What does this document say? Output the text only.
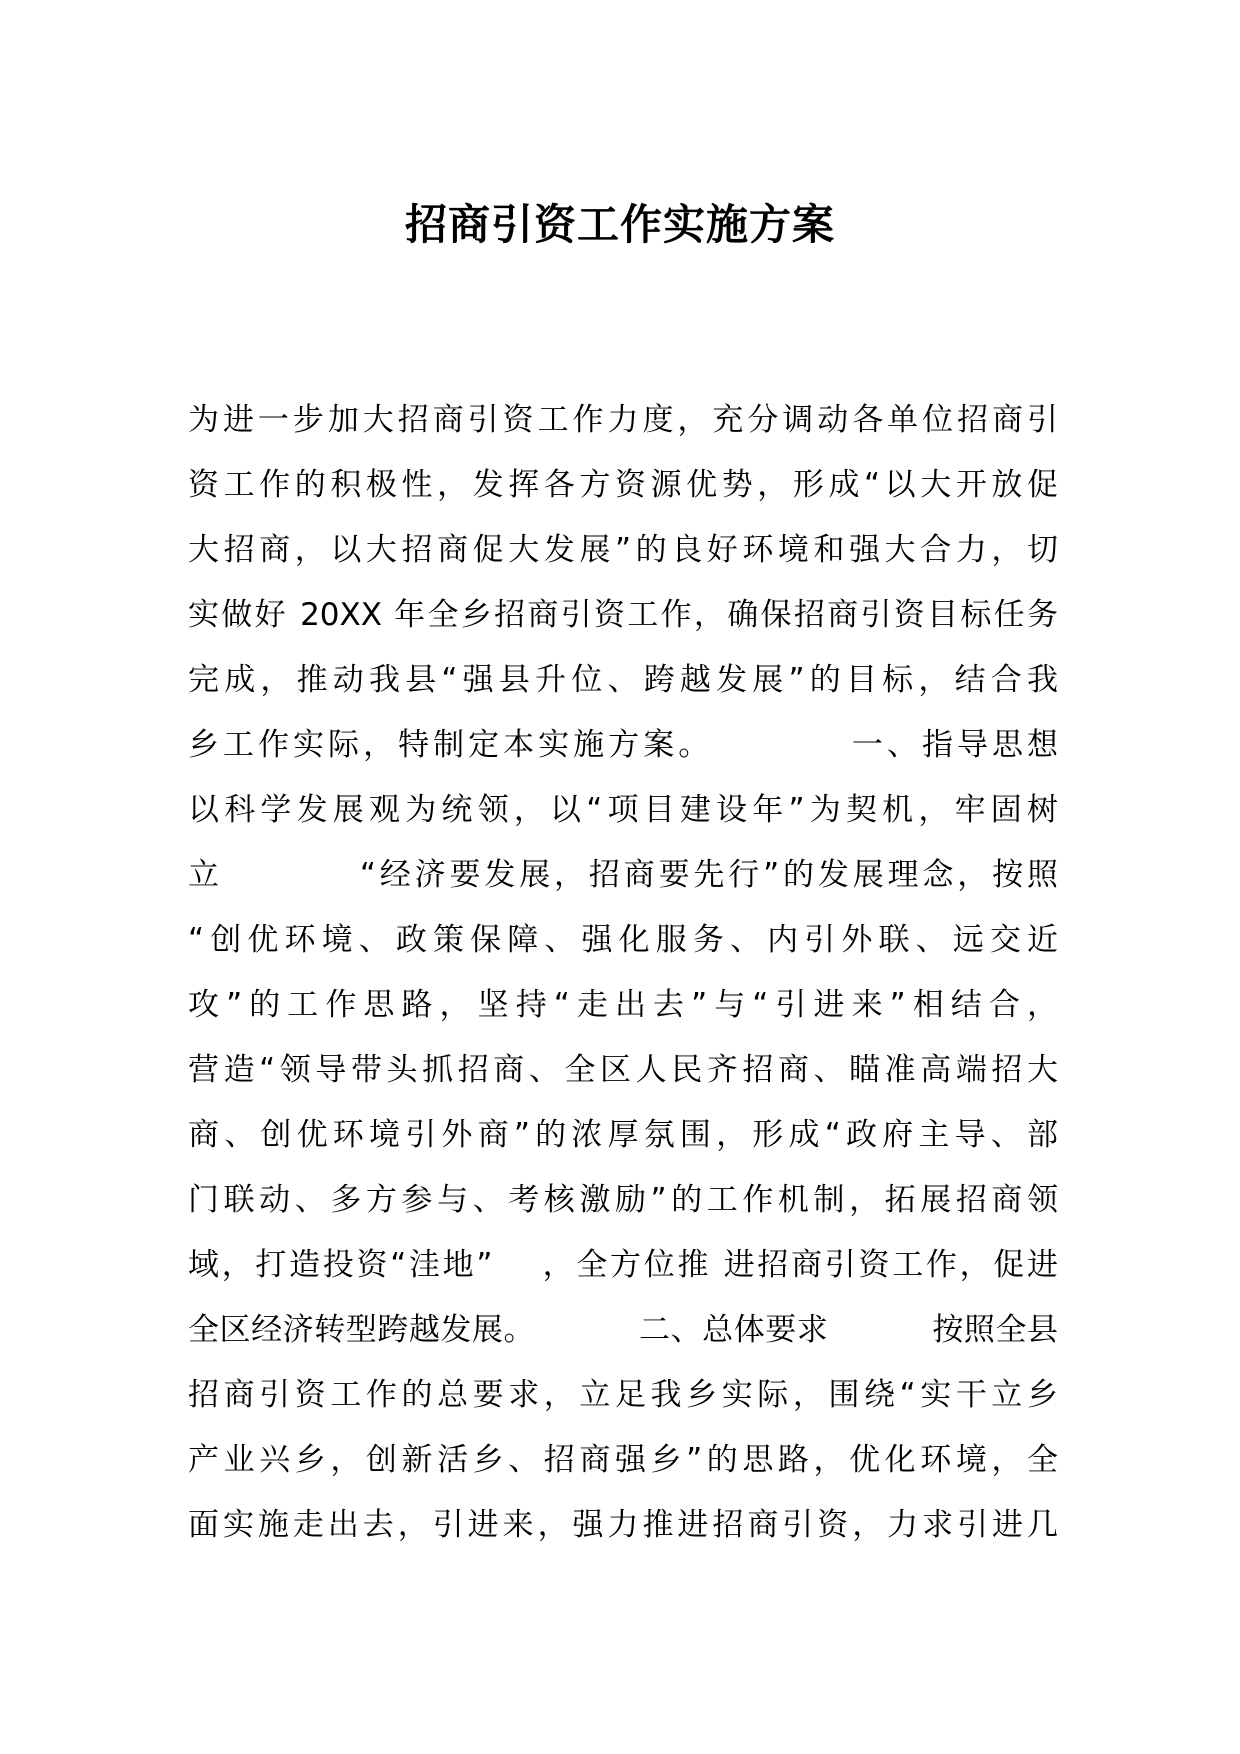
招商引资工作实施方案
为进一步加大招商引资工作力度，充分调动各单位招商引
资工作的积极性，发挥各方资源优势，形成“以大开放促
大招商，以大招商促大发展”的良好环境和强大合力，切
实做好 20XX 年全乡招商引资工作，确保招商引资目标任务
完成，推动我县“强县升位、跨越发展”的目标，结合我
乡工作实际，特制定本实施方案。          一、指导思想
以科学发展观为统领，以“项目建设年”为契机，牢固树
立          “经济要发展，招商要先行”的发展理念，按照
“创优环境、政策保障、强化服务、内引外联、远交近
攻”的工作思路，坚持“走出去”与“引进来”相结合，
营造“领导带头抓招商、全区人民齐招商、瞄准高端招大
商、创优环境引外商”的浓厚氛围，形成“政府主导、部
门联动、多方参与、考核激励”的工作机制，拓展招商领
域，打造投资“洼地”    ，全方位推 进招商引资工作，促进
全区经济转型跨越发展。          二、总体要求          按照全县
招商引资工作的总要求，立足我乡实际，围绕“实干立乡
产业兴乡，创新活乡、招商强乡”的思路，优化环境，全
面实施走出去，引进来，强力推进招商引资，力求引进几
